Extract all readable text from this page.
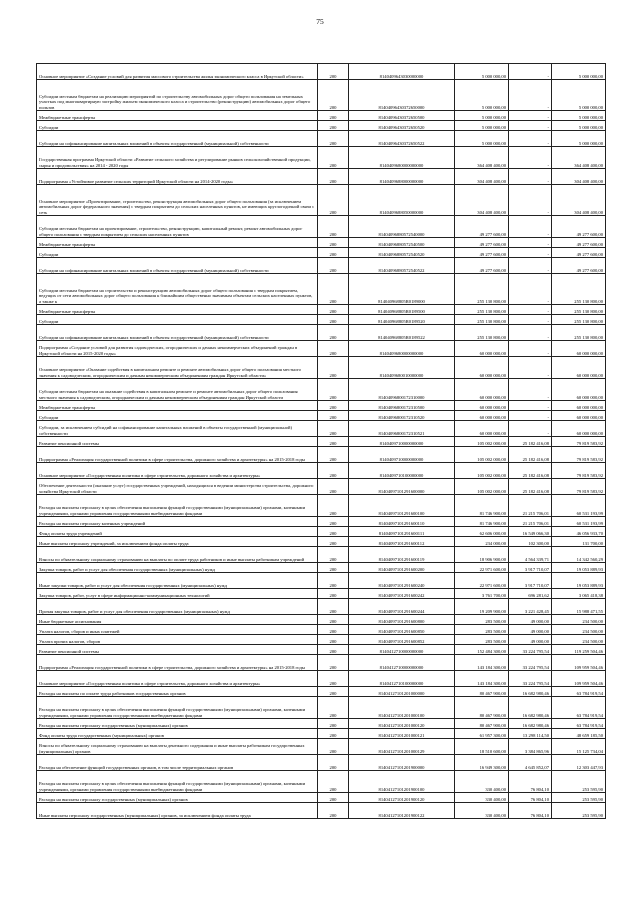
75
Основное мероприятие «Создание условий для развития массового строительства жилья экономического класса в Иркутской области»	200	8140409643030000000	5 000 000,00	-	5 000 000,00
Субсидии местным бюджетам на реализацию мероприятий по строительству автомобильных дорог общего пользования на земельных участках под многоквартирную застройку жильем экономического класса и строительство (реконструкцию) автомобильных дорог общего пользов	200	81404096430372650000	5 000 000,00	-	5 000 000,00
Межбюджетные трансферты	200	81404096430372650500	5 000 000,00	-	5 000 000,00
Субсидии	200	81404096430372650520	5 000 000,00	-	5 000 000,00
Субсидии на софинансирование капитальных вложений в объекты государственной (муниципальной) собственности	200	81404096430372650522	5 000 000,00	-	5 000 000,00
Государственная программа Иркутской области «Развитие сельского хозяйства и регулирование рынков сельскохозяйственной продукции, сырья и продовольствия» на 2014 - 2020 годы	200	8140409680000000000	364 408 400,00	-	364 408 400,00
Подпрограмма «Устойчивое развитие сельских территорий Иркутской области на 2014-2020 годы»	200	8140409688000000000	304 408 400,00	-	304 408 400,00
Основное мероприятие «Проектирование, строительство, реконструкция автомобильных дорог общего пользования (за исключением автомобильных дорог федерального значения) с твердым покрытием до сельских населенных пунктов, не имеющих круглогодичной связи с сеть	200	8140409688050000000	304 408 400,00	-	304 408 400,00
Субсидии местным бюджетам на проектирование, строительство, реконструкцию, капитальный ремонт, ремонт автомобильных дорог общего пользования с твердым покрытием до сельских населенных пунктов	200	81404096880572540000	49 277 600,00	-	49 277 600,00
Межбюджетные трансферты	200	81404096880572540500	49 277 600,00	-	49 277 600,00
Субсидии	200	81404096880572540520	49 277 600,00	-	49 277 600,00
Субсидии на софинансирование капитальных вложений в объекты государственной (муниципальной) собственности	200	81404096880572540522	49 277 600,00	-	49 277 600,00
Субсидии местным бюджетам на строительство и реконструкцию автомобильных дорог общего пользования с твердым покрытием, ведущих от сети автомобильных дорог общего пользования к ближайшим общественно значимым объектам сельских населенных пунктов, а также к	200	814040968805R0189000	255 130 800,00	-	255 130 800,00
Межбюджетные трансферты	200	814040968805R0189500	255 130 800,00	-	255 130 800,00
Субсидии	200	814040968805R0189520	255 130 800,00	-	255 130 800,00
Субсидии на софинансирование капитальных вложений в объекты государственной (муниципальной) собственности	200	814040968805R0189522	255 130 800,00	-	255 130 800,00
Подпрограмма «Создание условий для развития садоводческих, огороднических и дачных некоммерческих объединений граждан в Иркутской области на 2015-2020 годы»	200	8140409680000000000	60 000 000,00	-	60 000 000,00
Основное мероприятие «Оказание содействия в капитальном ремонте и ремонте автомобильных дорог общего пользования местного значения к садоводческим, огородническим и дачным некоммерческим объединениям граждан Иркутской области»	200	8140409680010000000	60 000 000,00	-	60 000 000,00
Субсидии местным бюджетам на оказание содействия в капитальном ремонте и ремонте автомобильных дорог общего пользования местного значения к садоводческим, огородническим и дачным некоммерческим объединениям граждан Иркутской области	200	81404096800172310000	60 000 000,00	-	60 000 000,00
Межбюджетные трансферты	200	81404096800172310500	60 000 000,00	-	60 000 000,00
Субсидии	200	81404096800172310520	60 000 000,00	-	60 000 000,00
Субсидии, за исключением субсидий на софинансирование капитальных вложений в объекты государственной (муниципальной) собственности	200	81404096800172310521	60 000 000,00	-	60 000 000,00
Развитие пенсионной системы	200	8140409710000000000	105 002 000,00	25 182 416,08	79 819 583,92
Подпрограмма «Реализация государственной политики в сфере строительства, дорожного хозяйства и архитектуры» на 2015-2018 годы	200	8140409710000000000	105 002 000,00	25 182 416,08	79 819 583,92
Основное мероприятие «Государственная политика в сфере строительства, дорожного хозяйства и архитектуры»	200	8140409710100000000	105 002 000,00	25 182 416,08	79 819 583,92
Обеспечение деятельности (оказание услуг) государственных учреждений, находящихся в ведении министерства строительства, дорожного хозяйства Иркутской области	200	81404097101291600000	105 002 000,00	25 182 416,08	79 819 583,92
Расходы на выплаты персоналу в целях обеспечения выполнения функций государственными (муниципальными) органами, казенными учреждениями, органами управления государственными внебюджетными фондами	200	81404097101291600100	81 746 900,00	21 215 706,01	60 531 193,99
Расходы на выплаты персоналу казенных учреждений	200	81404097101291600110	81 746 900,00	21 215 706,01	60 531 193,99
Фонд оплаты труда учреждений	200	81404097101291600111	62 606 000,00	16 549 066,30	46 056 933,70
Иные выплаты персоналу учреждений, за исключением фонда оплаты труда	200	81404097101291600112	234 000,00	102 300,00	131 700,00
Взносы по обязательному социальному страхованию на выплаты по оплате труда работников и иные выплаты работникам учреждений	200	81404097101291600119	18 906 900,00	4 564 339,71	14 342 560,29
Закупка товаров, работ и услуг для обеспечения государственных (муниципальных) нужд	200	81404097101291600200	22 971 600,00	3 917 710,07	19 053 889,93
Иные закупки товаров, работ и услуг для обеспечения государственных (муниципальных) нужд	200	81404097101291600240	22 971 600,00	3 917 710,07	19 053 889,93
Закупка товаров, работ, услуг в сфере информационно-коммуникационных технологий	200	81404097101291600242	3 761 700,00	696 281,62	3 065 418,38
Прочая закупка товаров, работ и услуг для обеспечения государственных (муниципальных) нужд	200	81404097101291600244	19 209 900,00	3 221 428,45	15 988 471,55
Иные бюджетные ассигнования	200	81404097101291600800	283 500,00	49 000,00	234 500,00
Уплата налогов, сборов и иных платежей	200	81404097101291600850	283 500,00	49 000,00	234 500,00
Уплата прочих налогов, сборов	200	81404097101291600852	283 500,00	49 000,00	234 500,00
Развитие пенсионной системы	200	8140412710000000000	152 484 300,00	33 224 795,54	119 259 504,46
Подпрограмма «Реализация государственной политики в сфере строительства, дорожного хозяйства и архитектуры» на 2015-2018 годы	200	8140412710000000000	143 184 300,00	33 224 795,54	109 959 504,46
Основное мероприятие «Государственная политика в сфере строительства, дорожного хозяйства и архитектуры»	200	8140412710100000000	143 184 300,00	33 224 795,54	109 959 504,46
Расходы на выплаты по оплате труда работников государственных органов	200	81404127101201000000	80 467 900,00	16 682 980,46	63 784 919,54
Расходы на выплаты персоналу в целях обеспечения выполнения функций государственными (муниципальными) органами, казенными учреждениями, органами управления государственными внебюджетными фондами	200	81404127101201000100	80 467 900,00	16 682 980,46	63 784 919,54
Расходы на выплаты персоналу государственных (муниципальных) органов	200	81404127101201000120	80 467 900,00	16 682 980,46	63 784 919,54
Фонд оплаты труда государственных (муниципальных) органов	200	81404127101201000121	61 957 300,00	13 298 114,50	48 659 185,50
Взносы по обязательному социальному страхованию на выплаты денежного содержания и иные выплаты работникам государственных (муниципальных) органов	200	81404127101201000129	18 510 600,00	3 384 865,96	15 125 734,04
Расходы на обеспечение функций государственных органов, в том числе территориальных органов	200	81404127101201900000	16 949 300,00	4 645 852,07	12 303 447,93
Расходы на выплаты персоналу в целях обеспечения выполнения функций государственными (муниципальными) органами, казенными учреждениями, органами управления государственными внебюджетными фондами	200	81404127101201900100	330 400,00	76 804,10	253 595,90
Расходы на выплаты персоналу государственных (муниципальных) органов	200	81404127101201900120	330 400,00	76 804,10	253 595,90
Иные выплаты персоналу государственных (муниципальных) органов, за исключением фонда оплаты труда	200	81404127101201900122	330 400,00	76 804,10	253 595,90
